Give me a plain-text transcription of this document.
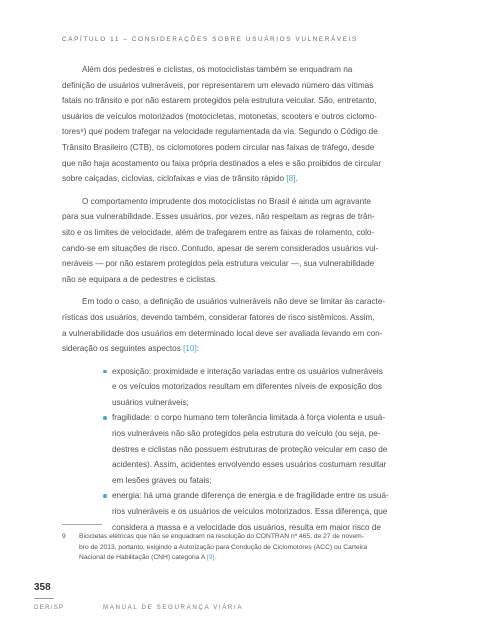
CAPÍTULO 11 – CONSIDERAÇÕES SOBRE USUÁRIOS VULNERÁVEIS

Além dos pedestres e ciclistas, os motociclistas também se enquadram na
definição de usuários vulneráveis, por representarem um elevado número das vítimas
fatais no trânsito e por não estarem protegidos pela estrutura veicular. São, entretanto,
usuários de veículos motorizados (motocicletas, motonetas, scooters e outros ciclomo-
tores⁹) que podem trafegar na velocidade regulamentada da via. Segundo o Código de
Trânsito Brasileiro (CTB), os ciclomotores podem circular nas faixas de tráfego, desde
que não haja acostamento ou faixa própria destinados a eles e são proibidos de circular
sobre calçadas, ciclovias, ciclofaixas e vias de trânsito rápido [8].

O comportamento imprudente dos motociclistas no Brasil é ainda um agravante
para sua vulnerabilidade. Esses usuários, por vezes, não respeitam as regras de trân-
sito e os limites de velocidade, além de trafegarem entre as faixas de rolamento, colo-
cando-se em situações de risco. Contudo, apesar de serem considerados usuários vul-
neráveis — por não estarem protegidos pela estrutura veicular —, sua vulnerabilidade
não se equipara a de pedestres e ciclistas.

Em todo o caso, a definição de usuários vulneráveis não deve se limitar às caracte-
rísticas dos usuários, devendo também, considerar fatores de risco sistêmicos. Assim,
a vulnerabilidade dos usuários em determinado local deve ser avaliada levando em con-
sideração os seguintes aspectos [10]:

exposição: proximidade e interação variadas entre os usuários vulneráveis
e os veículos motorizados resultam em diferentes níveis de exposição dos
usuários vulneráveis;
fragilidade: o corpo humano tem tolerância limitada à força violenta e usuá-
rios vulneráveis não são protegidos pela estrutura do veículo (ou seja, pe-
destres e ciclistas não possuem estruturas de proteção veicular em caso de
acidentes). Assim, acidentes envolvendo esses usuários costumam resultar
em lesões graves ou fatais;
energia: há uma grande diferença de energia e de fragilidade entre os usuá-
rios vulneráveis e os usuários de veículos motorizados. Essa diferença, que
considera a massa e a velocidade dos usuários, resulta em maior risco de
9 Bicicletas elétricas que não se enquadram na resolução do CONTRAN nº 465, de 27 de novem-
bro de 2013, portanto, exigindo a Autorização para Condução de Ciclomotores (ACC) ou Carteira
Nacional de Habilitação (CNH) categoria A [9].
358
DER/SP	MANUAL DE SEGURANÇA VIÁRIA
